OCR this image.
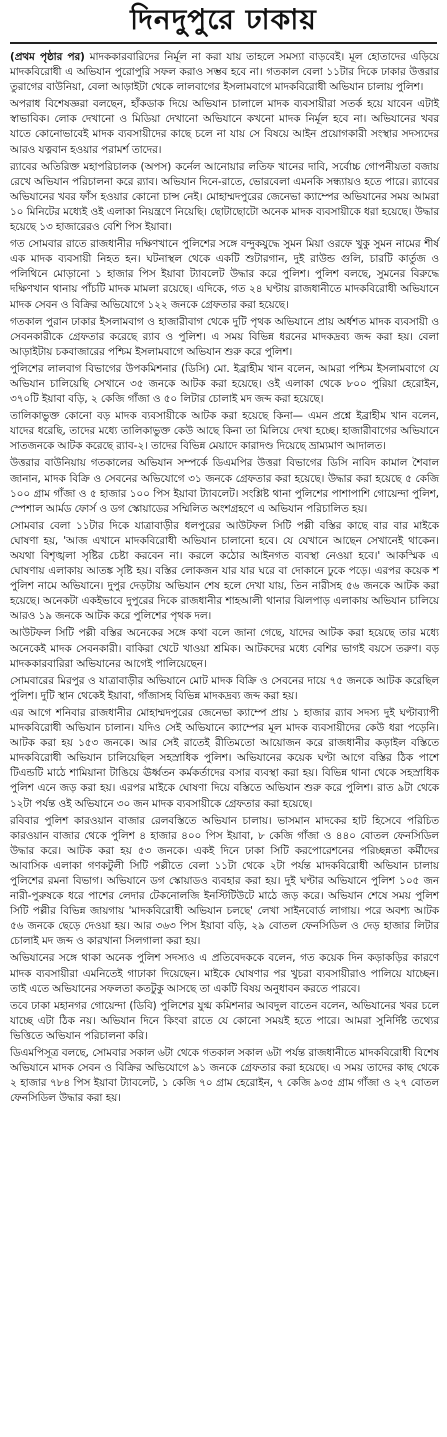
দিনদুপুরে ঢাকায়

(প্রথম পৃষ্ঠার পর) মাদককারবারিদের নির্মূল না করা যায় তাহলে সমস্যা বাড়বেই। মূল হোতাদের এড়িয়ে মাদকবিরোধী এ অভিযান পুরোপুরি সফল করাও সম্ভব হবে না। গতকাল বেলা ১১টার দিকে ঢাকার উত্তরার তুরাগের বাউনিয়া, বেলা আড়াইটা থেকে লালবাগের ইসলামবাগে মাদকবিরোধী অভিযান চালায় পুলিশ।

অপরাধ বিশেষজ্ঞরা বলছেন, হাঁকডাক দিয়ে অভিযান চালালে মাদক ব্যবসায়ীরা সতর্ক হয়ে যাবেন এটাই স্বাভাবিক। লোক দেখানো ও মিডিয়া দেখানো অভিযানে কখনো মাদক নির্মূল হবে না। অভিযানের খবর যাতে কোনোভাবেই মাদক ব্যবসায়ীদের কাছে চলে না যায় সে বিষয়ে আইন প্রয়োগকারী সংস্থার সদস্যদের আরও যত্নবান হওয়ার পরামর্শ তাদের।

র‌্যাবের অতিরিক্ত মহাপরিচালক (অপস) কর্নেল আনোয়ার লতিফ খানের দাবি, সর্বোচ্চ গোপনীয়তা বজায় রেখে অভিযান পরিচালনা করে র‌্যাব। অভিযান দিনে-রাতে, ভোরবেলা এমনকি সন্ধ্যায়ও হতে পারে। র‌্যাবের অভিযানের খবর ফাঁস হওয়ার কোনো চান্স নেই। মোহাম্মদপুরের জেনেভা ক্যাম্পের অভিযানের সময় আমরা ১০ মিনিটের মধ্যেই ওই এলাকা নিয়ন্ত্রণে নিয়েছি। ছোটাছোটো অনেক মাদক ব্যবসায়ীকে ধরা হয়েছে। উদ্ধার হয়েছে ১৩ হাজারেরও বেশি পিস ইয়াবা।

গত সোমবার রাতে রাজধানীর দক্ষিণখানে পুলিশের সঙ্গে বন্দুকযুদ্ধে সুমন মিয়া ওরফে খুকু সুমন নামের শীর্ষ এক মাদক ব্যবসায়ী নিহত হন। ঘটনাস্থল থেকে একটি শুটারগান, দুই রাউন্ড গুলি, চারটি কার্তুজ ও পলিথিনে মোড়ানো ১ হাজার পিস ইয়াবা ট্যাবলেট উদ্ধার করে পুলিশ। পুলিশ বলছে, সুমনের বিরুদ্ধে দক্ষিণখান থানায় পাঁচটি মাদক মামলা রয়েছে। এদিকে, গত ২৪ ঘণ্টায় রাজধানীতে মাদকবিরোধী অভিযানে মাদক সেবন ও বিক্রির অভিযোগে ১২২ জনকে গ্রেফতার করা হয়েছে।

গতকাল পুরান ঢাকার ইসলামবাগ ও হাজারীবাগ থেকে দুটি পৃথক অভিযানে প্রায় অর্ধশত মাদক ব্যবসায়ী ও সেবনকারীকে গ্রেফতার করেছে র‌্যাব ও পুলিশ। এ সময় বিভিন্ন ধরনের মাদকদ্রব্য জব্দ করা হয়। বেলা আড়াইটায় চকবাজারের পশ্চিম ইসলামবাগে অভিযান শুরু করে পুলিশ।

পুলিশের লালবাগ বিভাগের উপকমিশনার (ডিসি) মো. ইব্রাহীম খান বলেন, আমরা পশ্চিম ইসলামবাগে যে অভিযান চালিয়েছি সেখানে ৩৫ জনকে আটক করা হয়েছে। ওই এলাকা থেকে ৮০০ পুরিয়া হেরোইন, ৩৭০টি ইয়াবা বড়ি, ২ কেজি গাঁজা ও ৫০ লিটার চোলাই মদ জব্দ করা হয়েছে।

তালিকাভুক্ত কোনো বড় মাদক ব্যবসায়ীকে আটক করা হয়েছে কিনা— এমন প্রশ্নে ইব্রাহীম খান বলেন, যাদের ধরেছি, তাদের মধ্যে তালিকাভুক্ত কেউ আছে কিনা তা মিলিয়ে দেখা হচ্ছে। হাজারীবাগের অভিযানে সাতজনকে আটক করেছে র‌্যাব-২। তাদের বিভিন্ন মেয়াদে কারাদণ্ড দিয়েছে ভ্রাম্যমাণ আদালত।

উত্তরার বাউনিয়ায় গতকালের অভিযান সম্পর্কে ডিএমপির উত্তরা বিভাগের ডিসি নাবিদ কামাল শৈবাল জানান, মাদক বিক্রি ও সেবনের অভিযোগে ৩১ জনকে গ্রেফতার করা হয়েছে। উদ্ধার করা হয়েছে ৫ কেজি ১০০ গ্রাম গাঁজা ও ৫ হাজার ১০০ পিস ইয়াবা ট্যাবলেট। সংশ্লিষ্ট থানা পুলিশের পাশাপাশি গোয়েন্দা পুলিশ, স্পেশাল আর্মড ফোর্স ও ডগ স্কোয়াডের সম্মিলিত অংশগ্রহণে এ অভিযান পরিচালিত হয়।

সোমবার বেলা ১১টার দিকে যাত্রাবাড়ীর ধলপুরের আউটফল সিটি পল্লী বস্তির কাছে বার বার মাইকে ঘোষণা হয়, 'আজ এখানে মাদকবিরোধী অভিযান চালানো হবে। যে যেখানে আছেন সেখানেই থাকেন। অযথা বিশৃঙ্খলা সৃষ্টির চেষ্টা করবেন না। করলে কঠোর আইনগত ব্যবস্থা নেওয়া হবে।' আকস্মিক এ ঘোষণায় এলাকায় আতঙ্ক সৃষ্টি হয়। বস্তির লোকজন যার যার ঘরে বা দোকানে ঢুকে পড়ে। এরপর কয়েক শ পুলিশ নামে অভিযানে। দুপুর দেড়টায় অভিযান শেষ হলে দেখা যায়, তিন নারীসহ ৫৬ জনকে আটক করা হয়েছে। অনেকটা একইভাবে দুপুরের দিকে রাজধানীর শাহআলী থানার ঝিলপাড় এলাকায় অভিযান চালিয়ে আরও ১৯ জনকে আটক করে পুলিশের পৃথক দল।

আউটফল সিটি পল্লী বস্তির অনেকের সঙ্গে কথা বলে জানা গেছে, যাদের আটক করা হয়েছে তার মধ্যে অনেকেই মাদক সেবনকারী। বাকিরা খেটে খাওয়া শ্রমিক। আটকদের মধ্যে বেশির ভাগই বয়সে তরুণ। বড় মাদককারবারিরা অভিযানের আগেই পালিয়েছেন।

সোমবারের মিরপুর ও যাত্রাবাড়ীর অভিযানে মোট মাদক বিক্রি ও সেবনের দায়ে ৭৫ জনকে আটক করেছিল পুলিশ। দুটি স্থান থেকেই ইয়াবা, গাঁজাসহ বিভিন্ন মাদকদ্রব্য জব্দ করা হয়।

এর আগে শনিবার রাজধানীর মোহাম্মদপুরের জেনেভা ক্যাম্পে প্রায় ১ হাজার র‌্যাব সদস্য দুই ঘণ্টাব্যাপী মাদকবিরোধী অভিযান চালান। যদিও সেই অভিযানে ক্যাম্পের মূল মাদক ব্যবসায়ীদের কেউ ধরা পড়েনি। আটক করা হয় ১৫৩ জনকে। আর সেই রাতেই রীতিমতো আয়োজন করে রাজধানীর কড়াইল বস্তিতে মাদকবিরোধী অভিযান চালিয়েছিল সহস্রাধিক পুলিশ। অভিযানের কয়েক ঘণ্টা আগে বস্তির ঠিক পাশে টিএন্ডটি মাঠে শামিয়ানা টাঙিয়ে ঊর্ধ্বতন কর্মকর্তাদের বসার ব্যবস্থা করা হয়। বিভিন্ন থানা থেকে সহস্রাধিক পুলিশ এনে জড় করা হয়। এরপর মাইকে ঘোষণা দিয়ে বস্তিতে অভিযান শুরু করে পুলিশ। রাত ৯টা থেকে ১২টা পর্যন্ত ওই অভিযানে ৩০ জন মাদক ব্যবসায়ীকে গ্রেফতার করা হয়েছে।

রবিবার পুলিশ কারওয়ান বাজার রেলবস্তিতে অভিযান চালায়। ভাসমান মাদকের হাট হিসেবে পরিচিত কারওয়ান বাজার থেকে পুলিশ ৪ হাজার ৪০০ পিস ইয়াবা, ৮ কেজি গাঁজা ও ৪৪০ বোতল ফেনসিডিল উদ্ধার করে। আটক করা হয় ৫৩ জনকে। একই দিনে ঢাকা সিটি করপোরেশনের পরিচ্ছন্নতা কর্মীদের আবাসিক এলাকা গণকটুলী সিটি পল্লীতে বেলা ১১টা থেকে ২টা পর্যন্ত মাদকবিরোধী অভিযান চালায় পুলিশের রমনা বিভাগ। অভিযানে ডগ স্কোয়াডও ব্যবহার করা হয়। দুই ঘণ্টার অভিযানে পুলিশ ১০৫ জন নারী-পুরুষকে ধরে পাশের লেদার টেকনোলজি ইনস্টিটিউটে মাঠে জড় করে। অভিযান শেষে সময় পুলিশ সিটি পল্লীর বিভিন্ন জায়গায় 'মাদকবিরোধী অভিযান চলছে' লেখা সাইনবোর্ড লাগায়। পরে অবশ্য আটক ৫৬ জনকে ছেড়ে দেওয়া হয়। আর ৩৬৩ পিস ইয়াবা বড়ি, ২৯ বোতল ফেনসিডিল ও দেড় হাজার লিটার চোলাই মদ জব্দ ও কারখানা সিলগালা করা হয়।

অভিযানের সঙ্গে থাকা অনেক পুলিশ সদস্যও এ প্রতিবেদককে বলেন, গত কয়েক দিন কড়াকড়ির কারণে মাদক ব্যবসায়ীরা এমনিতেই গাঢাকা দিয়েছেন। মাইকে ঘোষণার পর খুচরা ব্যবসায়ীরাও পালিয়ে যাচ্ছেন। তাই এতে অভিযানের সফলতা কতটুকু আসছে তা একটি বিষয় অনুধাবন করতে পারবে।

তবে ঢাকা মহানগর গোয়েন্দা (ডিবি) পুলিশের যুগ্ম কমিশনার আবদুল বাতেন বলেন, অভিযানের খবর চলে যাচ্ছে এটা ঠিক নয়। অভিযান দিনে কিংবা রাতে যে কোনো সময়ই হতে পারে। আমরা সুনির্দিষ্ট তথ্যের ভিত্তিতে অভিযান পরিচালনা করি।

ডিএমপিসূত্র বলছে, সোমবার সকাল ৬টা থেকে গতকাল সকাল ৬টা পর্যন্ত রাজধানীতে মাদকবিরোধী বিশেষ অভিযানে মাদক সেবন ও বিক্রির অভিযোগে ৯১ জনকে গ্রেফতার করা হয়েছে। এ সময় তাদের কাছ থেকে ২ হাজার ৭৮৪ পিস ইয়াবা ট্যাবলেট, ১ কেজি ৭০ গ্রাম হেরোইন, ৭ কেজি ৯৩৫ গ্রাম গাঁজা ও ২৭ বোতল ফেনসিডিল উদ্ধার করা হয়।
